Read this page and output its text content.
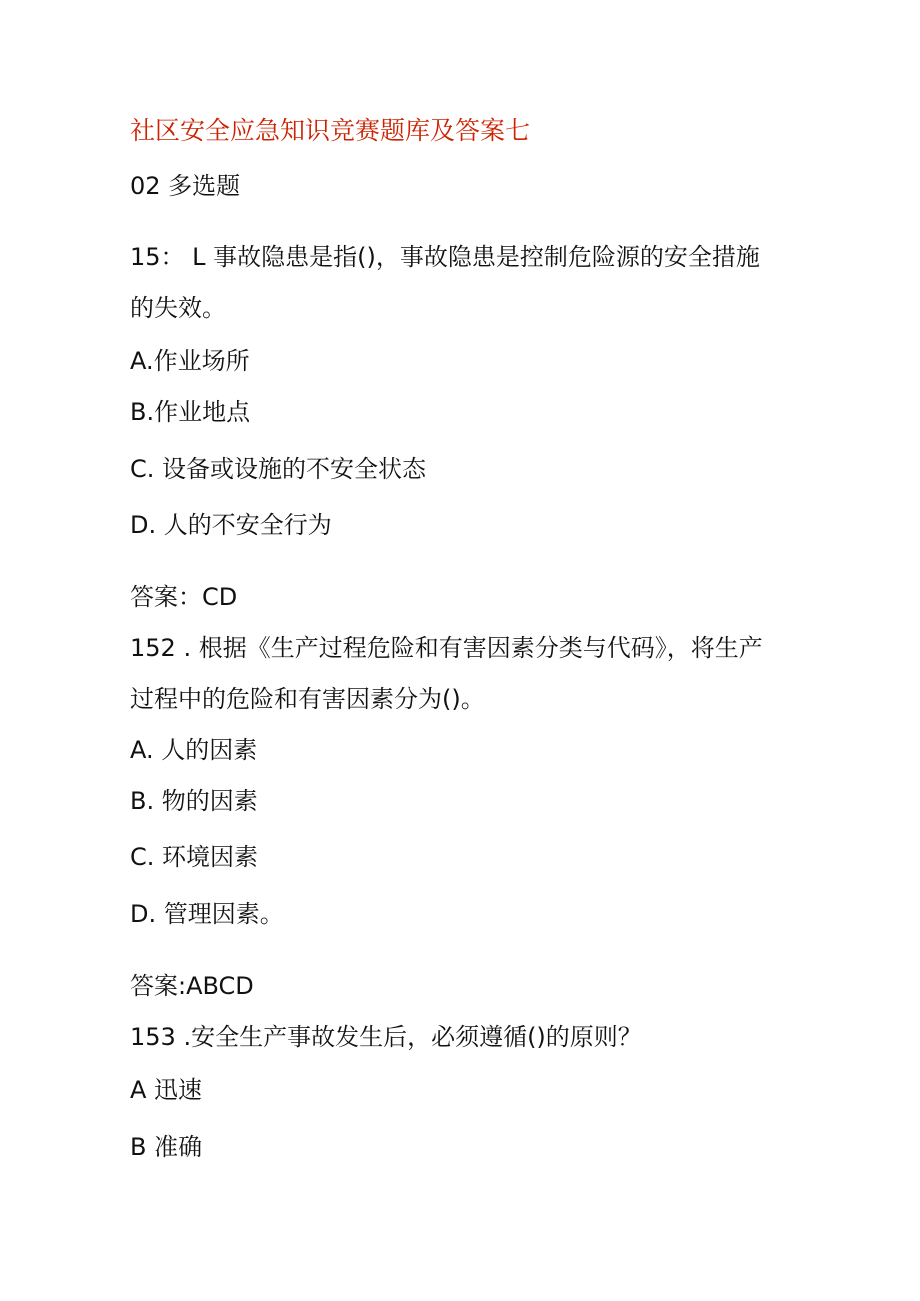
社区安全应急知识竞赛题库及答案七
02 多选题
15： L 事故隐患是指()，事故隐患是控制危险源的安全措施
的失效。
A.作业场所
B.作业地点
C. 设备或设施的不安全状态
D. 人的不安全行为
答案：CD
152 . 根据《生产过程危险和有害因素分类与代码》，将生产
过程中的危险和有害因素分为()。
A. 人的因素
B. 物的因素
C. 环境因素
D. 管理因素。
答案:ABCD
153 .安全生产事故发生后，必须遵循()的原则？
A 迅速
B 准确
